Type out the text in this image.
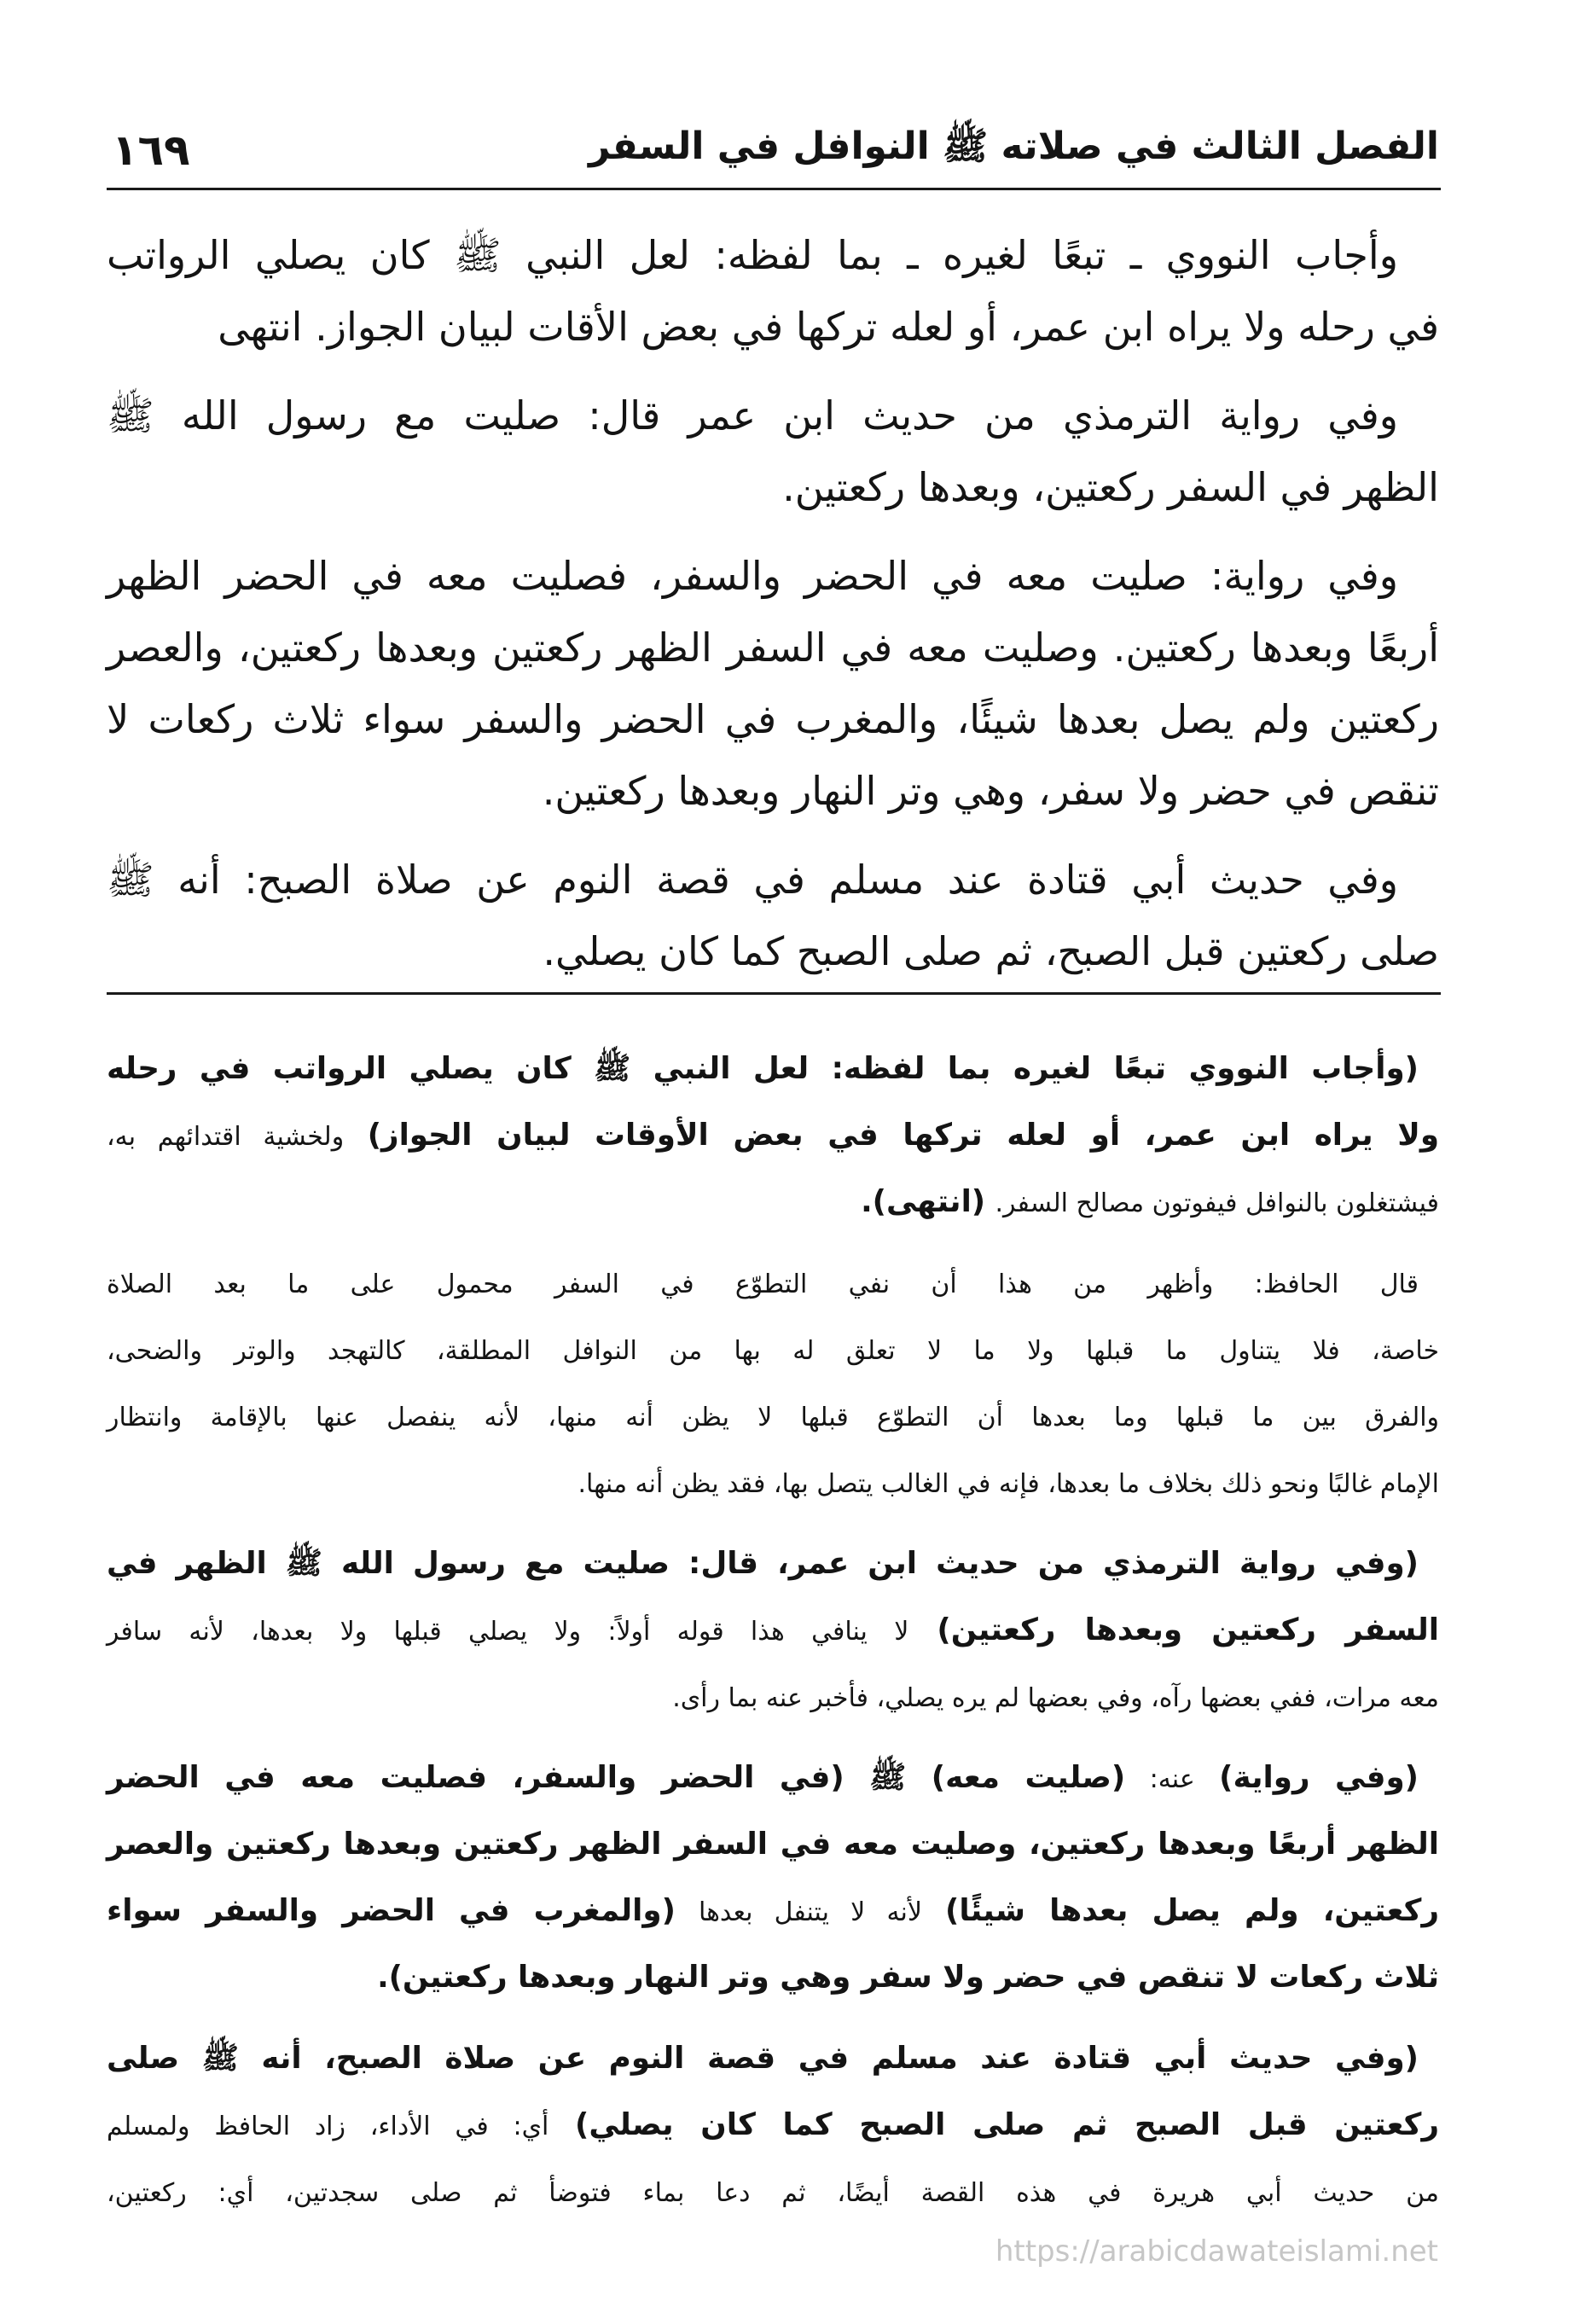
الفصل الثالث في صلاته ﷺ النوافل في السفر
١٦٩
وأجاب النووي ـ تبعًا لغيره ـ بما لفظه: لعل النبي ﷺ كان يصلي الرواتب
في رحله ولا يراه ابن عمر، أو لعله تركها في بعض الأقات لبيان الجواز. انتهى
وفي رواية الترمذي من حديث ابن عمر قال: صليت مع رسول الله ﷺ
الظهر في السفر ركعتين، وبعدها ركعتين.
وفي رواية: صليت معه في الحضر والسفر، فصليت معه في الحضر الظهر
أربعًا وبعدها ركعتين. وصليت معه في السفر الظهر ركعتين وبعدها ركعتين، والعصر
ركعتين ولم يصل بعدها شيئًا، والمغرب في الحضر والسفر سواء ثلاث ركعات لا
تنقص في حضر ولا سفر، وهي وتر النهار وبعدها ركعتين.
وفي حديث أبي قتادة عند مسلم في قصة النوم عن صلاة الصبح: أنه ﷺ
صلى ركعتين قبل الصبح، ثم صلى الصبح كما كان يصلي.
(وأجاب النووي تبعًا لغيره بما لفظه: لعل النبي ﷺ كان يصلي الرواتب في رحله
ولا يراه ابن عمر، أو لعله تركها في بعض الأوقات لبيان الجواز) ولخشية اقتدائهم به،
فيشتغلون بالنوافل فيفوتون مصالح السفر. (انتهى).
قال الحافظ: وأظهر من هذا أن نفي التطوّع في السفر محمول على ما بعد الصلاة
خاصة، فلا يتناول ما قبلها ولا ما لا تعلق له بها من النوافل المطلقة، كالتهجد والوتر والضحى،
والفرق بين ما قبلها وما بعدها أن التطوّع قبلها لا يظن أنه منها، لأنه ينفصل عنها بالإقامة وانتظار
الإمام غالبًا ونحو ذلك بخلاف ما بعدها، فإنه في الغالب يتصل بها، فقد يظن أنه منها.
(وفي رواية الترمذي من حديث ابن عمر، قال: صليت مع رسول الله ﷺ الظهر في
السفر ركعتين وبعدها ركعتين) لا ينافي هذا قوله أولاً: ولا يصلي قبلها ولا بعدها، لأنه سافر
معه مرات، ففي بعضها رآه، وفي بعضها لم يره يصلي، فأخبر عنه بما رأى.
(وفي رواية) عنه: (صليت معه) ﷺ (في الحضر والسفر، فصليت معه في الحضر
الظهر أربعًا وبعدها ركعتين، وصليت معه في السفر الظهر ركعتين وبعدها ركعتين والعصر
ركعتين، ولم يصل بعدها شيئًا) لأنه لا يتنفل بعدها (والمغرب في الحضر والسفر سواء
ثلاث ركعات لا تنقص في حضر ولا سفر وهي وتر النهار وبعدها ركعتين).
(وفي حديث أبي قتادة عند مسلم في قصة النوم عن صلاة الصبح، أنه ﷺ صلى
ركعتين قبل الصبح ثم صلى الصبح كما كان يصلي) أي: في الأداء، زاد الحافظ ولمسلم
من حديث أبي هريرة في هذه القصة أيضًا، ثم دعا بماء فتوضأ ثم صلى سجدتين، أي: ركعتين،
https://arabicdawateislami.net
